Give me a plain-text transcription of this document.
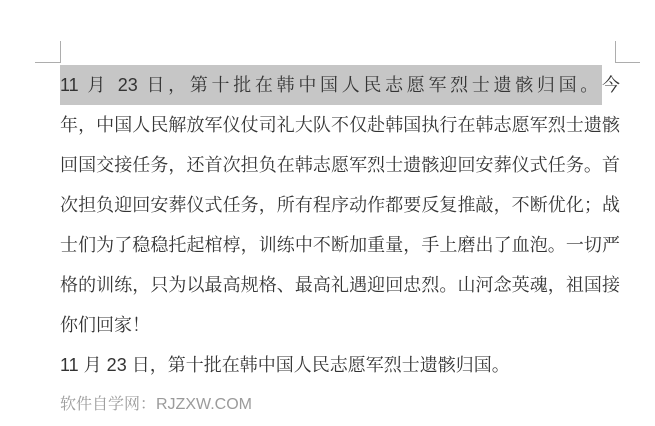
11 月 23 日，第十批在韩中国人民志愿军烈士遗骸归国。今
年，中国人民解放军仪仗司礼大队不仅赴韩国执行在韩志愿军烈士遗骸
回国交接任务，还首次担负在韩志愿军烈士遗骸迎回安葬仪式任务。首
次担负迎回安葬仪式任务，所有程序动作都要反复推敲，不断优化；战
士们为了稳稳托起棺椁，训练中不断加重量，手上磨出了血泡。一切严
格的训练，只为以最高规格、最高礼遇迎回忠烈。山河念英魂，祖国接
你们回家！
11 月 23 日，第十批在韩中国人民志愿军烈士遗骸归国。
软件自学网：RJZXW.COM
